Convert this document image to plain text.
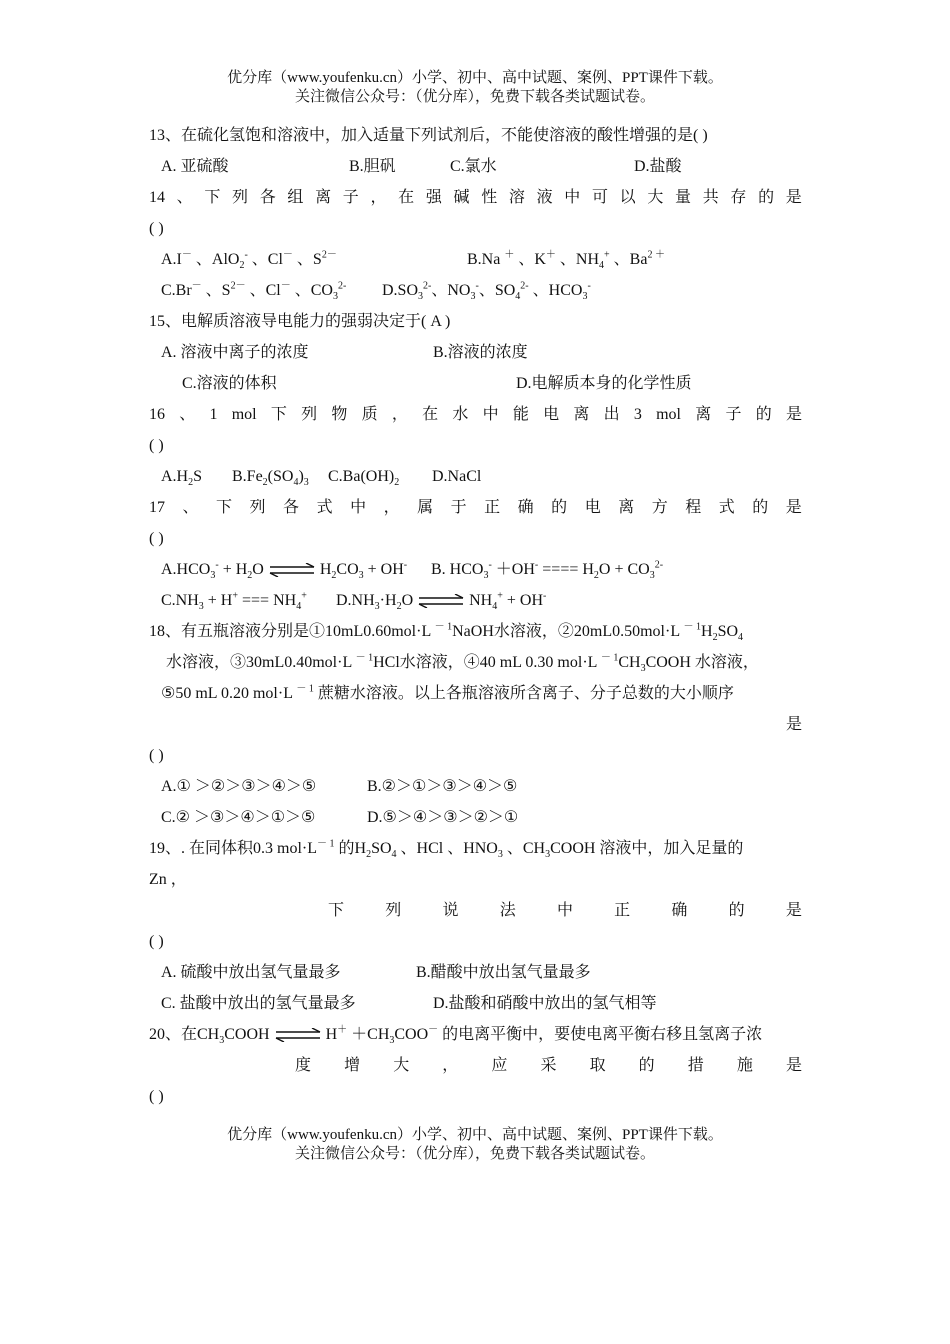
优分库（www.youfenku.cn）小学、初中、高中试题、案例、PPT课件下载。
关注微信公众号：（优分库），免费下载各类试题试卷。
13、在硫化氢饱和溶液中，加入适量下列试剂后，不能使溶液的酸性增强的是( )
A. 亚硫酸	B.胆矾	C.氯水	D.盐酸
14 、 下 列 各 组 离 子 ， 在 强 碱 性 溶 液 中 可 以 大 量 共 存 的 是
( )
A.I－ 、AlO$_2$- 、Cl－ 、$S^{2-}$	B.Na ＋ 、K＋ 、$NH_4^+$ 、$Ba^{2 +}$
C.Br－ 、$S^{2-}$ 、Cl－ 、$CO_3^{2-}$ $D.SO_3^{2-}$、$NO_3^-$、$SO_4^{2-}$ 、$HCO_3^-$
15、电解质溶液导电能力的强弱决定于( A )
A. 溶液中离子的浓度	B.溶液的浓度
C.溶液的体积	D.电解质本身的化学性质
16 、 1 mol 下 列 物 质 ， 在 水 中 能 电 离 出 3 mol 离 子 的 是
( )
$A.H_2S$ $B.Fe_2(SO_4)_3$ $C.Ba(OH)_2$ D.NaCl
17 、 下 列 各 式 中 ， 属 于 正 确 的 电 离 方 程 式 的 是
( )
$A.HCO_3^- + H_2O$ ⇌ $H_2CO_3 + OH^-$ B. $HCO_3^- +OH^-$ ==== $H_2O + CO_3^{2-}$
$C.NH_3 + H^+$ === $NH_4^+$ $D.NH_3\cdot H_2O$ ⇌ $NH_4^+ + OH^-$
18、有五瓶溶液分别是①10mL0.60mol·L $^{- 1}$NaOH水溶液，②20mL0.50mol·L $^{- 1}H_2SO_4$
水溶液，③30mL0.40mol·L $^{- 1}$HCl水溶液，④40 mL 0.30 mol·L $^{- 1}CH_3COOH$ 水溶液，
⑤50 mL 0.20 mol·L $^{- 1}$ 蔗糖水溶液。以上各瓶溶液所含离子、分子总数的大小顺序
是
( )
A.① ＞②＞③＞④＞⑤	B.②＞①＞③＞④＞⑤
C.② ＞③＞④＞①＞⑤	D.⑤＞④＞③＞②＞①
19、. 在同体积0.3 $mol\cdot L^{- 1}$ 的$H_2SO_4$ 、HCl 、$HNO_3$ 、$CH_3COOH$ 溶液中，加入足量的
Zn ，
下	列	说	法	中	正	确	的	是
( )
A. 硫酸中放出氢气量最多	B.醋酸中放出氢气量最多
C. 盐酸中放出的氢气量最多	D.盐酸和硝酸中放出的氢气相等
20、在$CH_3COOH$ ⇌ $H^+ +CH_3COO^-$ 的电离平衡中，要使电离平衡右移且氢离子浓
度 增 大 ， 应 采 取 的 措 施 是
( )
优分库（www.youfenku.cn）小学、初中、高中试题、案例、PPT课件下载。
关注微信公众号：（优分库），免费下载各类试题试卷。
